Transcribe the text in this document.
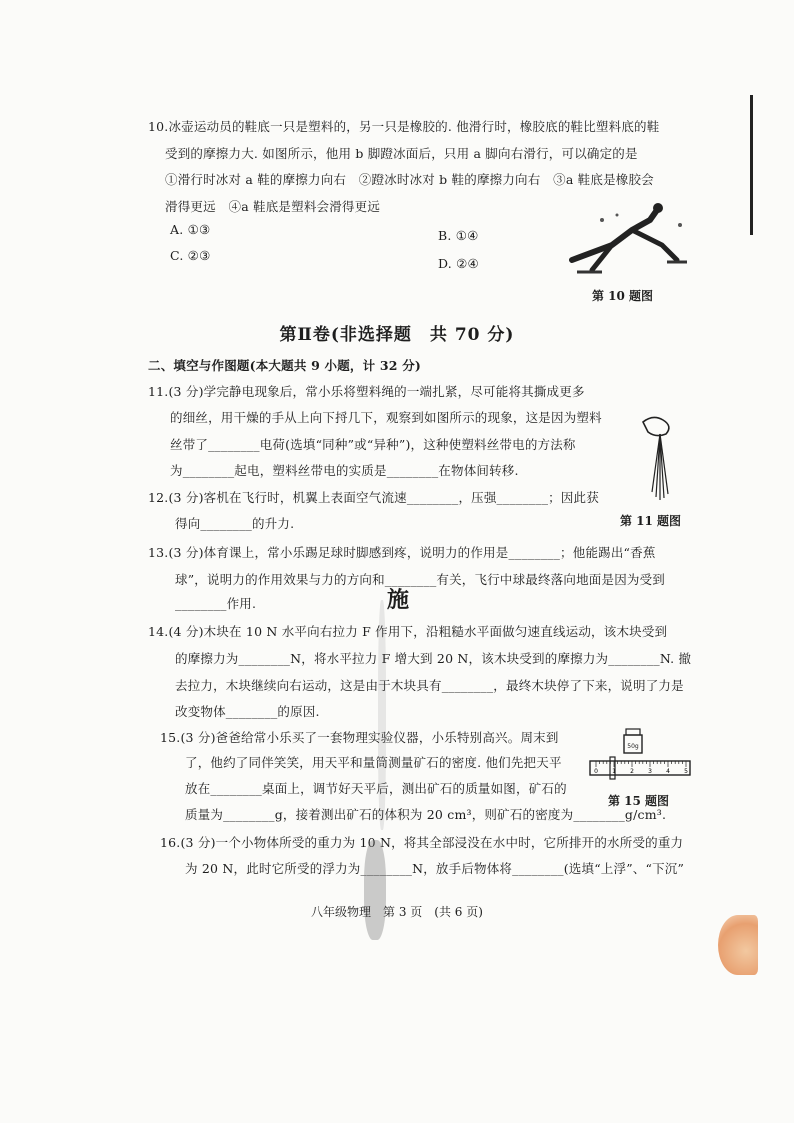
10.冰壶运动员的鞋底一只是塑料的，另一只是橡胶的. 他滑行时，橡胶底的鞋比塑料底的鞋
受到的摩擦力大. 如图所示，他用 b 脚蹬冰面后，只用 a 脚向右滑行，可以确定的是
①滑行时冰对 a 鞋的摩擦力向右　②蹬冰时冰对 b 鞋的摩擦力向右　③a 鞋底是橡胶会
滑得更远　④a 鞋底是塑料会滑得更远
A. ①③	B. ①④
C. ②③
D. ②④
第 10 题图
第Ⅱ卷(非选择题　共 70 分)
二、填空与作图题(本大题共 9 小题，计 32 分)
11.(3 分)学完静电现象后，常小乐将塑料绳的一端扎紧，尽可能将其撕成更多
的细丝，用干燥的手从上向下捋几下，观察到如图所示的现象，这是因为塑料
丝带了________电荷(选填“同种”或“异种”)，这种使塑料丝带电的方法称
为________起电，塑料丝带电的实质是________在物体间转移.
第 11 题图
12.(3 分)客机在飞行时，机翼上表面空气流速________，压强________；因此获
得向________的升力.
13.(3 分)体育课上，常小乐踢足球时脚感到疼，说明力的作用是________；他能踢出“香蕉
球”，说明力的作用效果与力的方向和________有关，飞行中球最终落向地面是因为受到
________作用.	施
14.(4 分)木块在 10 N 水平向右拉力 F 作用下，沿粗糙水平面做匀速直线运动，该木块受到
的摩擦力为________N，将水平拉力 F 增大到 20 N，该木块受到的摩擦力为________N. 撤
去拉力，木块继续向右运动，这是由于木块具有________，最终木块停了下来，说明了力是
改变物体________的原因.
15.(3 分)爸爸给常小乐买了一套物理实验仪器，小乐特别高兴。周末到
了，他约了同伴笑笑，用天平和量筒测量矿石的密度. 他们先把天平
放在________桌面上，调节好天平后，测出矿石的质量如图，矿石的
质量为________g，接着测出矿石的体积为 20 cm³，则矿石的密度为________g/cm³.
50g
0 1 2 3 4 5
第 15 题图
16.(3 分)一个小物体所受的重力为 10 N，将其全部浸没在水中时，它所排开的水所受的重力
为 20 N，此时它所受的浮力为________N，放手后物体将________(选填“上浮”、“下沉”
八年级物理　第 3 页　(共 6 页)
